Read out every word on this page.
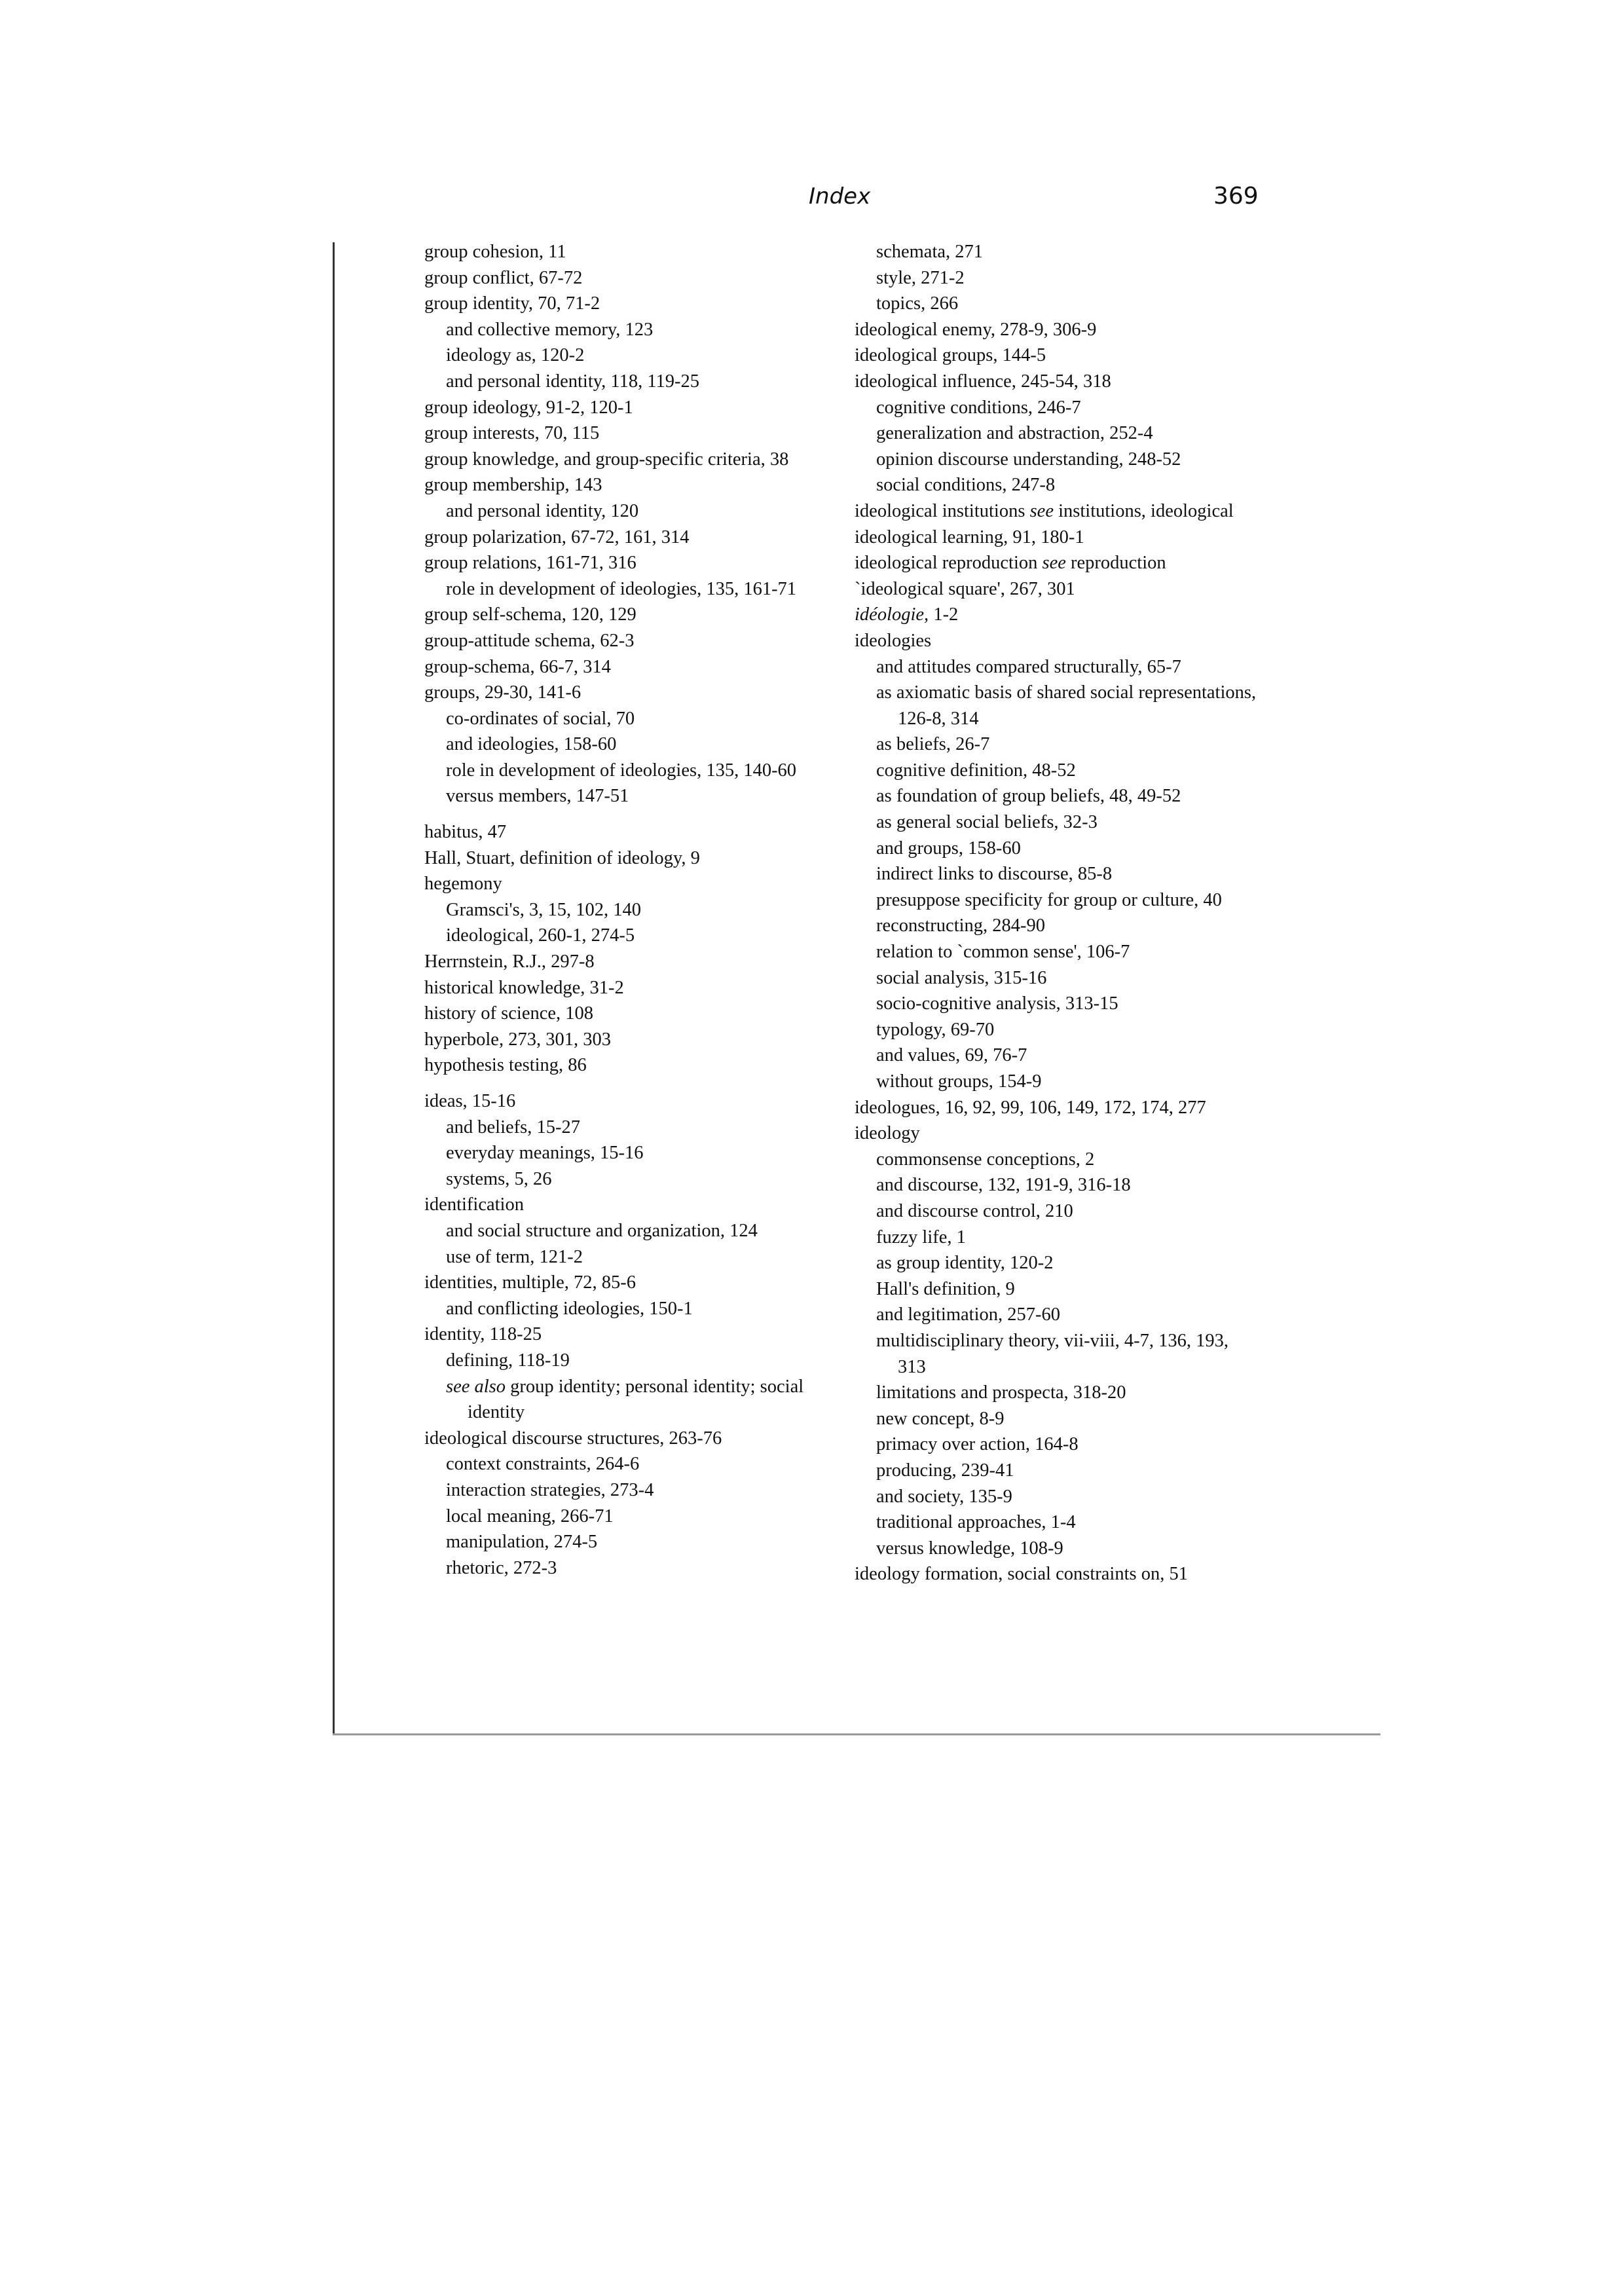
Index	369

group cohesion, 11

group conflict, 67-72

group identity, 70, 71-2

and collective memory, 123

ideology as, 120-2

and personal identity, 118, 119-25

group ideology, 91-2, 120-1

group interests, 70, 115

group knowledge, and group-specific criteria, 38

group membership, 143

and personal identity, 120

group polarization, 67-72, 161, 314

group relations, 161-71, 316

role in development of ideologies, 135, 161-71

group self-schema, 120, 129

group-attitude schema, 62-3

group-schema, 66-7, 314

groups, 29-30, 141-6

co-ordinates of social, 70

and ideologies, 158-60

role in development of ideologies, 135, 140-60

versus members, 147-51

habitus, 47

Hall, Stuart, definition of ideology, 9

hegemony

Gramsci's, 3, 15, 102, 140

ideological, 260-1, 274-5

Herrnstein, R.J., 297-8

historical knowledge, 31-2

history of science, 108

hyperbole, 273, 301, 303

hypothesis testing, 86

ideas, 15-16

and beliefs, 15-27

everyday meanings, 15-16

systems, 5, 26

identification

and social structure and organization, 124

use of term, 121-2

identities, multiple, 72, 85-6

and conflicting ideologies, 150-1

identity, 118-25

defining, 118-19

see also group identity; personal identity; social identity

ideological discourse structures, 263-76

context constraints, 264-6

interaction strategies, 273-4

local meaning, 266-71

manipulation, 274-5

rhetoric, 272-3

schemata, 271

style, 271-2

topics, 266

ideological enemy, 278-9, 306-9

ideological groups, 144-5

ideological influence, 245-54, 318

cognitive conditions, 246-7

generalization and abstraction, 252-4

opinion discourse understanding, 248-52

social conditions, 247-8

ideological institutions see institutions, ideological

ideological learning, 91, 180-1

ideological reproduction see reproduction

`ideological square', 267, 301

idéologie, 1-2

ideologies

and attitudes compared structurally, 65-7

as axiomatic basis of shared social representations, 126-8, 314

as beliefs, 26-7

cognitive definition, 48-52

as foundation of group beliefs, 48, 49-52

as general social beliefs, 32-3

and groups, 158-60

indirect links to discourse, 85-8

presuppose specificity for group or culture, 40

reconstructing, 284-90

relation to `common sense', 106-7

social analysis, 315-16

socio-cognitive analysis, 313-15

typology, 69-70

and values, 69, 76-7

without groups, 154-9

ideologues, 16, 92, 99, 106, 149, 172, 174, 277

ideology

commonsense conceptions, 2

and discourse, 132, 191-9, 316-18

and discourse control, 210

fuzzy life, 1

as group identity, 120-2

Hall's definition, 9

and legitimation, 257-60

multidisciplinary theory, vii-viii, 4-7, 136, 193, 313

limitations and prospecta, 318-20

new concept, 8-9

primacy over action, 164-8

producing, 239-41

and society, 135-9

traditional approaches, 1-4

versus knowledge, 108-9

ideology formation, social constraints on, 51
